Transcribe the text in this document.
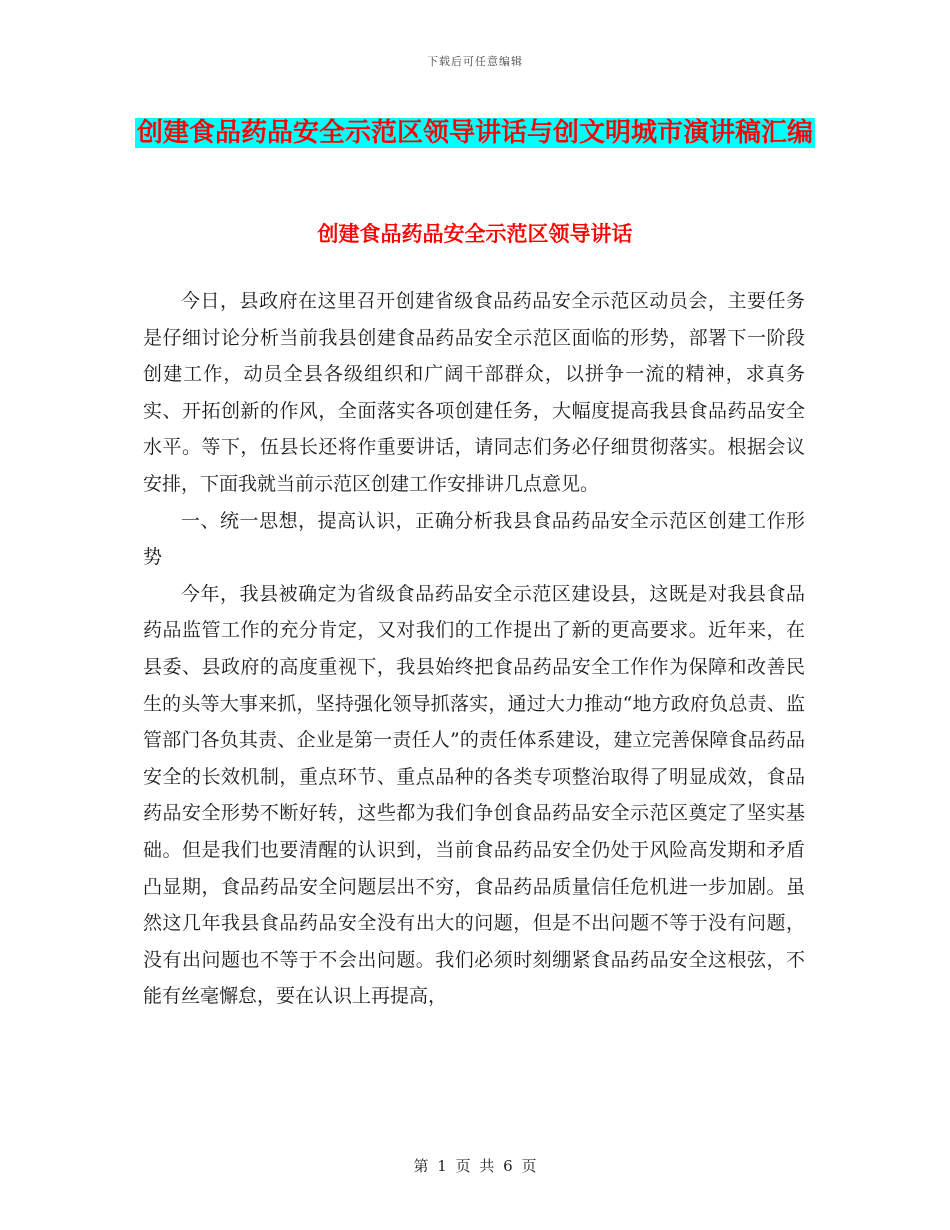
下载后可任意编辑
创建食品药品安全示范区领导讲话与创文明城市演讲稿汇编
创建食品药品安全示范区领导讲话

今日，县政府在这里召开创建省级食品药品安全示范区动员会，主要任务是仔细讨论分析当前我县创建食品药品安全示范区面临的形势，部署下一阶段创建工作，动员全县各级组织和广阔干部群众，以拼争一流的精神，求真务实、开拓创新的作风，全面落实各项创建任务，大幅度提高我县食品药品安全水平。等下，伍县长还将作重要讲话，请同志们务必仔细贯彻落实。根据会议安排，下面我就当前示范区创建工作安排讲几点意见。

一、统一思想，提高认识，正确分析我县食品药品安全示范区创建工作形势

今年，我县被确定为省级食品药品安全示范区建设县，这既是对我县食品药品监管工作的充分肯定，又对我们的工作提出了新的更高要求。近年来，在县委、县政府的高度重视下，我县始终把食品药品安全工作作为保障和改善民生的头等大事来抓，坚持强化领导抓落实，通过大力推动“地方政府负总责、监管部门各负其责、企业是第一责任人”的责任体系建设，建立完善保障食品药品安全的长效机制，重点环节、重点品种的各类专项整治取得了明显成效，食品药品安全形势不断好转，这些都为我们争创食品药品安全示范区奠定了坚实基础。但是我们也要清醒的认识到，当前食品药品安全仍处于风险高发期和矛盾凸显期，食品药品安全问题层出不穷，食品药品质量信任危机进一步加剧。虽然这几年我县食品药品安全没有出大的问题，但是不出问题不等于没有问题，没有出问题也不等于不会出问题。我们必须时刻绷紧食品药品安全这根弦，不能有丝毫懈怠，要在认识上再提高，

第 1 页 共 6 页
